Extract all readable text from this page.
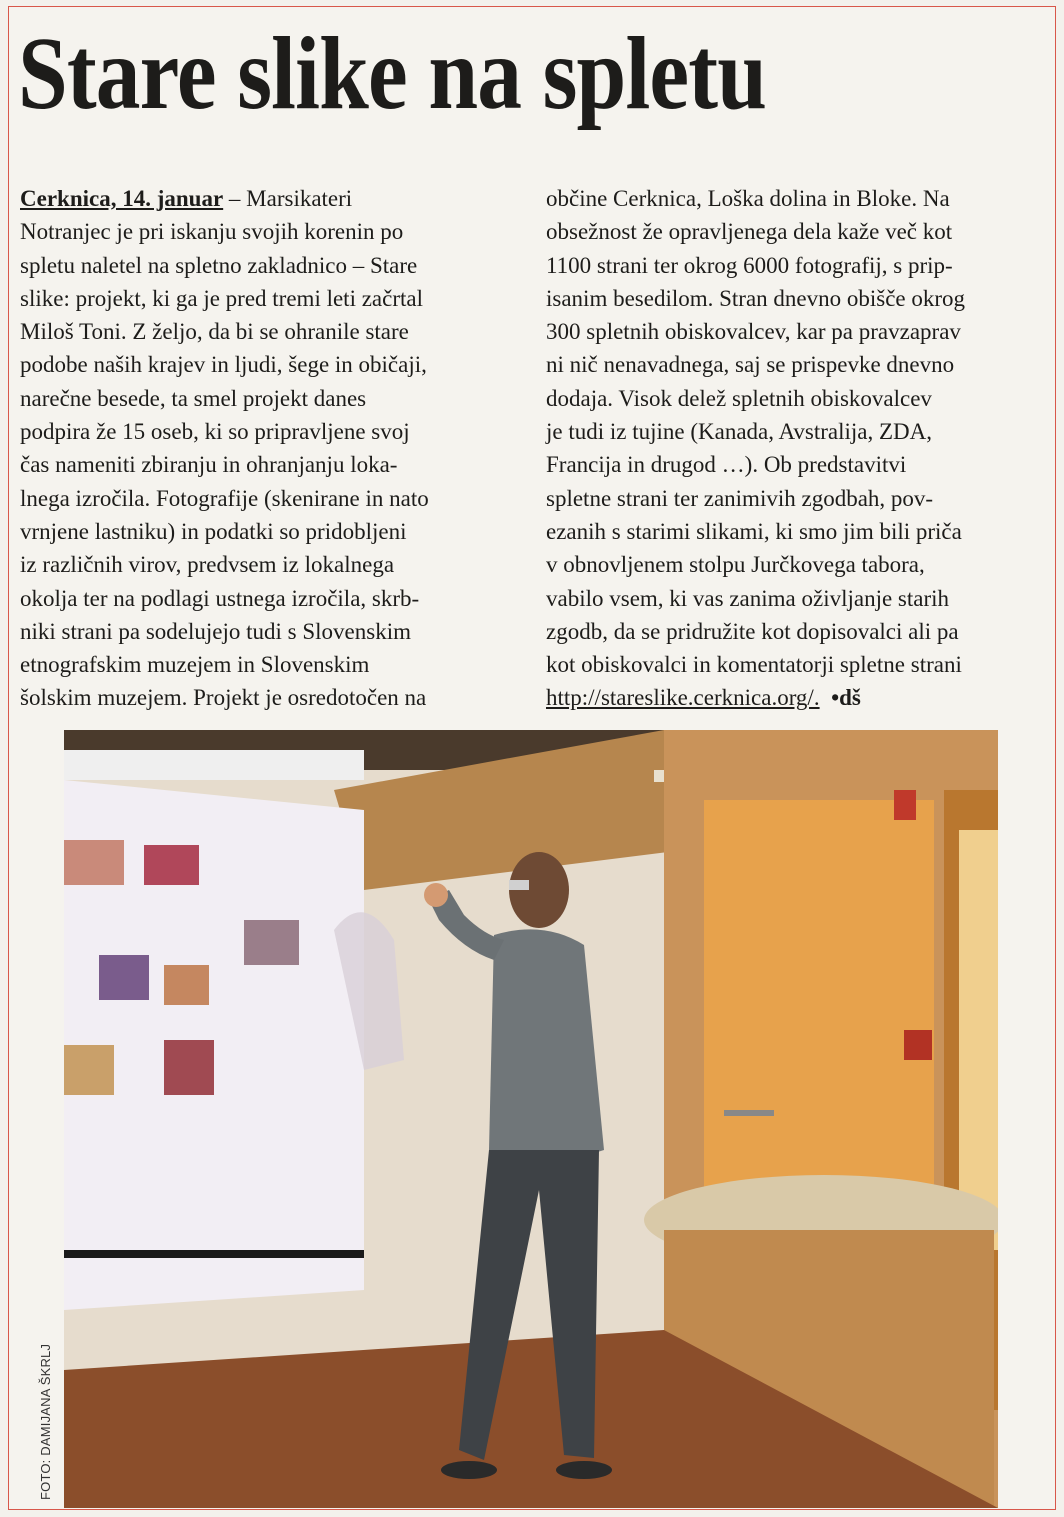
Stare slike na spletu
Cerknica, 14. januar – Marsikateri
Notranjec je pri iskanju svojih korenin po
spletu naletel na spletno zakladnico – Stare
slike: projekt, ki ga je pred tremi leti začrtal
Miloš Toni. Z željo, da bi se ohranile stare
podobe naših krajev in ljudi, šege in običaji,
narečne besede, ta smel projekt danes
podpira že 15 oseb, ki so pripravljene svoj
čas nameniti zbiranju in ohranjanju loka-
lnega izročila. Fotografije (skenirane in nato
vrnjene lastniku) in podatki so pridobljeni
iz različnih virov, predvsem iz lokalnega
okolja ter na podlagi ustnega izročila, skrb-
niki strani pa sodelujejo tudi s Slovenskim
etnografskim muzejem in Slovenskim
šolskim muzejem. Projekt je osredotočen na
občine Cerknica, Loška dolina in Bloke. Na
obsežnost že opravljenega dela kaže več kot
1100 strani ter okrog 6000 fotografij, s prip-
isanim besedilom. Stran dnevno obišče okrog
300 spletnih obiskovalcev, kar pa pravzaprav
ni nič nenavadnega, saj se prispevke dnevno
dodaja. Visok delež spletnih obiskovalcev
je tudi iz tujine (Kanada, Avstralija, ZDA,
Francija in drugod …). Ob predstavitvi
spletne strani ter zanimivih zgodbah, pov-
ezanih s starimi slikami, ki smo jim bili priča
v obnovljenem stolpu Jurčkovega tabora,
vabilo vsem, ki vas zanima oživljanje starih
zgodb, da se pridružite kot dopisovalci ali pa
kot obiskovalci in komentatorji spletne strani
http://stareslike.cerknica.org/. •dš
FOTO: DAMIJANA ŠKRLJ
